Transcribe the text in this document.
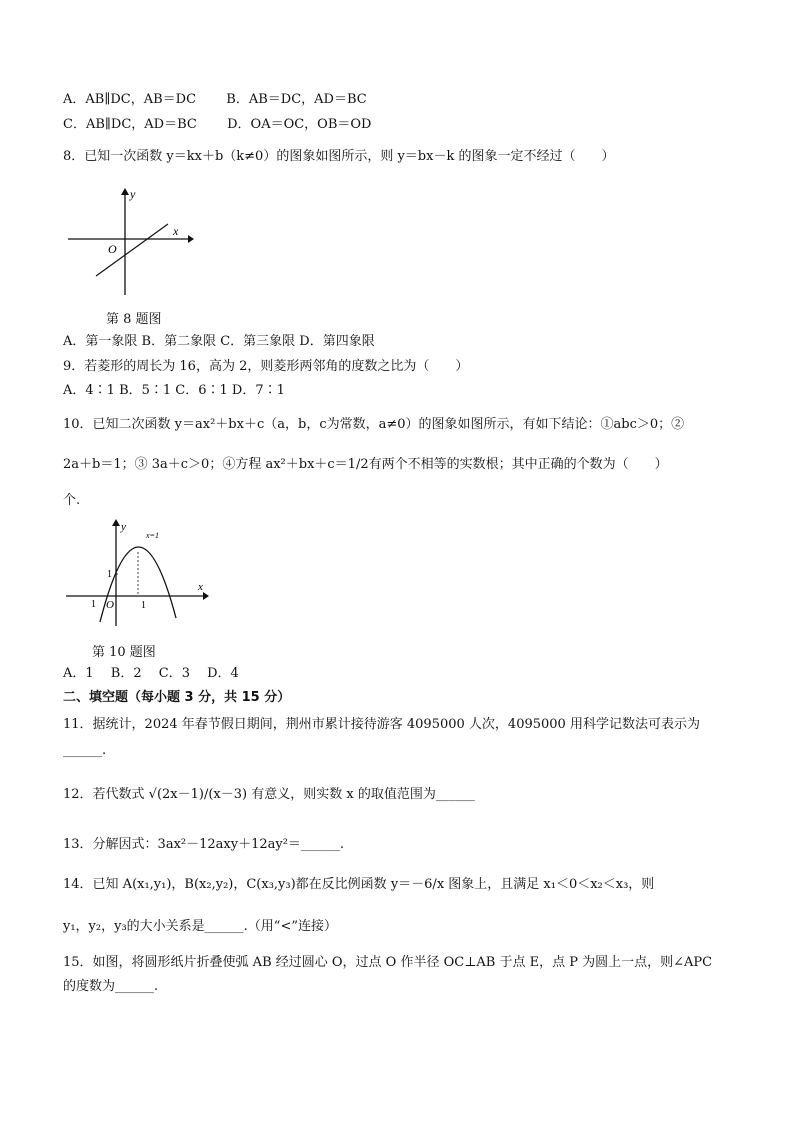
A．AB∥DC，AB＝DC B．AB＝DC，AD＝BC
C．AB∥DC，AD＝BC D．OA＝OC，OB＝OD
8．已知一次函数 y＝kx＋b（k≠0）的图象如图所示，则 y＝bx－k 的图象一定不经过（　　）
y
x
O
第 8 题图
A．第一象限 B．第二象限 C．第三象限 D．第四象限
9．若菱形的周长为 16，高为 2，则菱形两邻角的度数之比为（　　）
A．4∶1 B．5∶1 C．6∶1 D．7∶1
10．已知二次函数 y＝ax²＋bx＋c（a，b，c为常数，a≠0）的图象如图所示，有如下结论：①abc＞0；②
2a＋b＝1；③ 3a＋c＞0；④方程 ax²＋bx＋c＝1/2有两个不相等的实数根；其中正确的个数为（　　）
个.
y
x
x=1
1
1
1 O
第 10 题图
A．1　 B．2　 C．3　 D．4
二、填空题（每小题 3 分，共 15 分）
11．据统计，2024 年春节假日期间，荆州市累计接待游客 4095000 人次，4095000 用科学记数法可表示为
______.
12．若代数式 √(2x－1)/(x－3) 有意义，则实数 x 的取值范围为______
13．分解因式：3ax²－12axy＋12ay²＝______.
14．已知 A(x₁,y₁)，B(x₂,y₂)，C(x₃,y₃)都在反比例函数 y＝－6/x 图象上，且满足 x₁＜0＜x₂＜x₃，则
y₁，y₂，y₃的大小关系是______.（用“<”连接）
15．如图，将圆形纸片折叠使弧 AB 经过圆心 O，过点 O 作半径 OC⊥AB 于点 E，点 P 为圆上一点，则∠APC
的度数为______.
